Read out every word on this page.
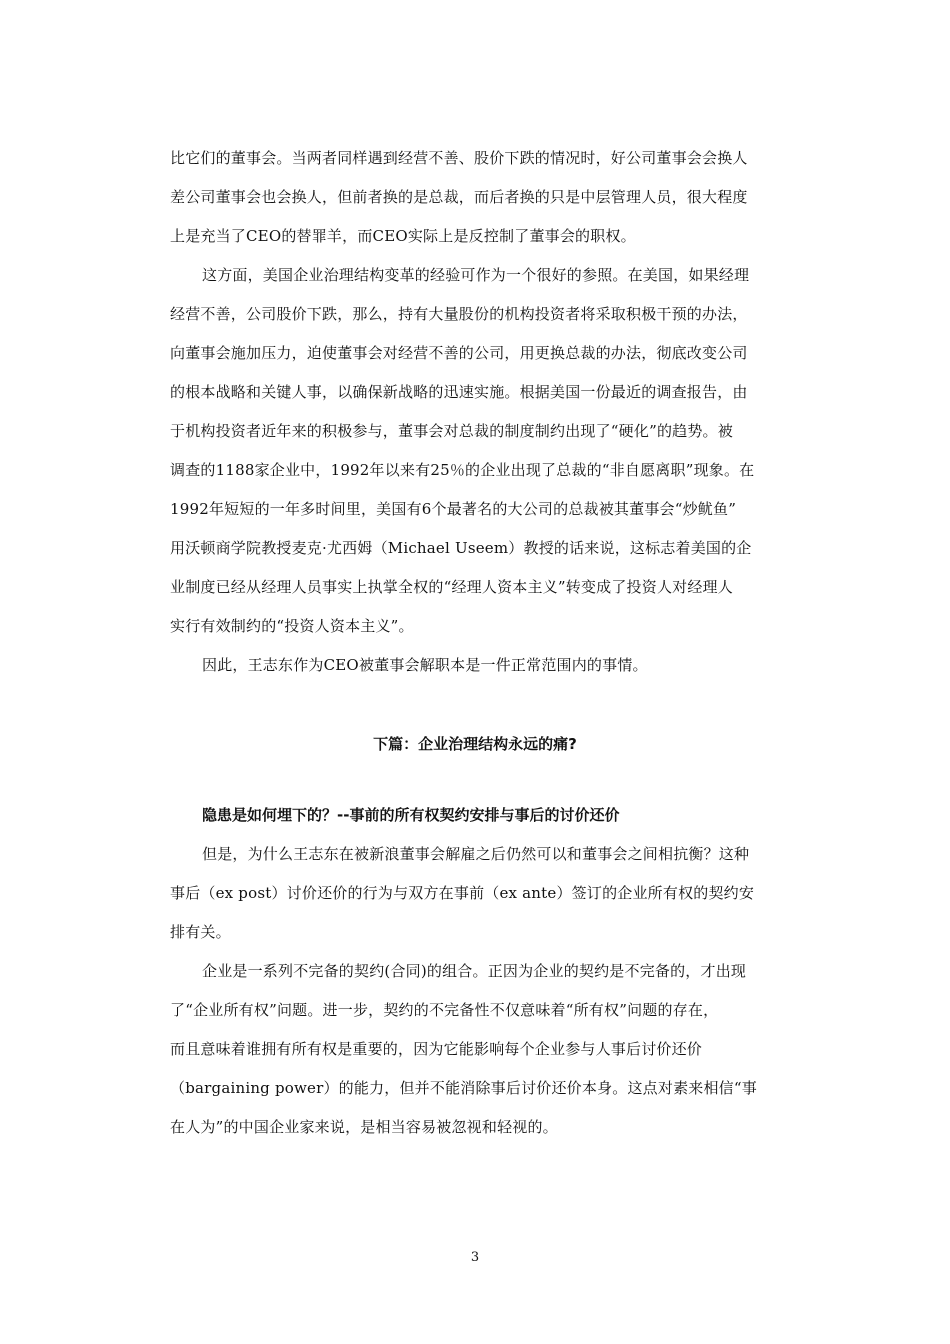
比它们的董事会。当两者同样遇到经营不善、股价下跌的情况时，好公司董事会会换人
差公司董事会也会换人，但前者换的是总裁，而后者换的只是中层管理人员，很大程度
上是充当了CEO的替罪羊，而CEO实际上是反控制了董事会的职权。
这方面，美国企业治理结构变革的经验可作为一个很好的参照。在美国，如果经理
经营不善，公司股价下跌，那么，持有大量股份的机构投资者将采取积极干预的办法，
向董事会施加压力，迫使董事会对经营不善的公司，用更换总裁的办法，彻底改变公司
的根本战略和关键人事，以确保新战略的迅速实施。根据美国一份最近的调查报告，由
于机构投资者近年来的积极参与，董事会对总裁的制度制约出现了“硬化”的趋势。被
调查的1188家企业中，1992年以来有25％的企业出现了总裁的“非自愿离职”现象。在
1992年短短的一年多时间里，美国有6个最著名的大公司的总裁被其董事会“炒鱿鱼”
用沃顿商学院教授麦克·尤西姆（Michael Useem）教授的话来说，这标志着美国的企
业制度已经从经理人员事实上执掌全权的“经理人资本主义”转变成了投资人对经理人
实行有效制约的“投资人资本主义”。
因此，王志东作为CEO被董事会解职本是一件正常范围内的事情。
下篇：企业治理结构永远的痛?
隐患是如何埋下的？--事前的所有权契约安排与事后的讨价还价
但是，为什么王志东在被新浪董事会解雇之后仍然可以和董事会之间相抗衡？这种
事后（ex post）讨价还价的行为与双方在事前（ex ante）签订的企业所有权的契约安
排有关。
企业是一系列不完备的契约(合同)的组合。正因为企业的契约是不完备的，才出现
了“企业所有权”问题。进一步，契约的不完备性不仅意味着“所有权”问题的存在，
而且意味着谁拥有所有权是重要的，因为它能影响每个企业参与人事后讨价还价
（bargaining power）的能力，但并不能消除事后讨价还价本身。这点对素来相信“事
在人为”的中国企业家来说，是相当容易被忽视和轻视的。
3
